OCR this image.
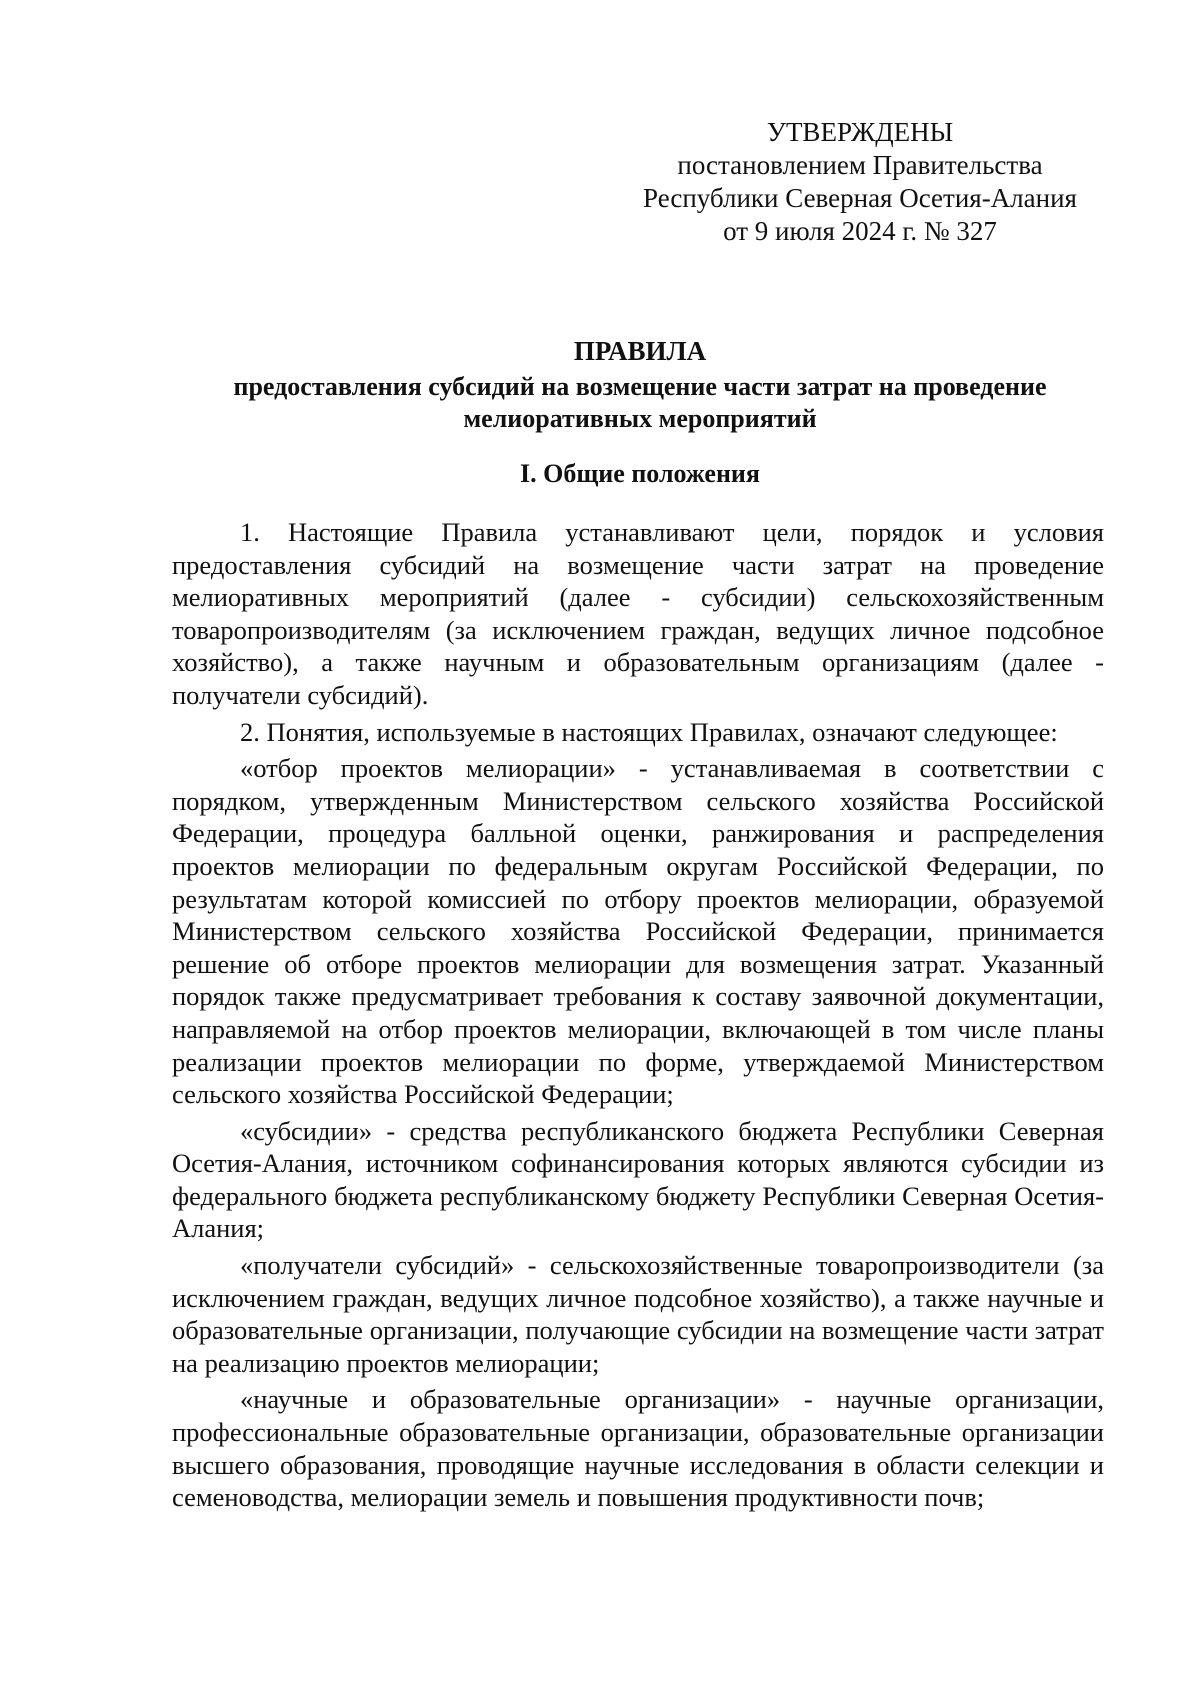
УТВЕРЖДЕНЫ
постановлением Правительства
Республики Северная Осетия-Алания
от 9 июля 2024 г. № 327
ПРАВИЛА
предоставления субсидий на возмещение части затрат на проведение
мелиоративных мероприятий
I. Общие положения

1. Настоящие Правила устанавливают цели, порядок и условия предоставления субсидий на возмещение части затрат на проведение мелиоративных мероприятий (далее - субсидии) сельскохозяйственным товаропроизводителям (за исключением граждан, ведущих личное подсобное хозяйство), а также научным и образовательным организациям (далее - получатели субсидий).

2. Понятия, используемые в настоящих Правилах, означают следующее:

«отбор проектов мелиорации» - устанавливаемая в соответствии с порядком, утвержденным Министерством сельского хозяйства Российской Федерации, процедура балльной оценки, ранжирования и распределения проектов мелиорации по федеральным округам Российской Федерации, по результатам которой комиссией по отбору проектов мелиорации, образуемой Министерством сельского хозяйства Российской Федерации, принимается решение об отборе проектов мелиорации для возмещения затрат. Указанный порядок также предусматривает требования к составу заявочной документации, направляемой на отбор проектов мелиорации, включающей в том числе планы реализации проектов мелиорации по форме, утверждаемой Министерством сельского хозяйства Российской Федерации;

«субсидии» - средства республиканского бюджета Республики Северная Осетия-Алания, источником софинансирования которых являются субсидии из федерального бюджета республиканскому бюджету Республики Северная Осетия-Алания;

«получатели субсидий» - сельскохозяйственные товаропроизводители (за исключением граждан, ведущих личное подсобное хозяйство), а также научные и образовательные организации, получающие субсидии на возмещение части затрат на реализацию проектов мелиорации;

«научные и образовательные организации» - научные организации, профессиональные образовательные организации, образовательные организации высшего образования, проводящие научные исследования в области селекции и семеноводства, мелиорации земель и повышения продуктивности почв;
